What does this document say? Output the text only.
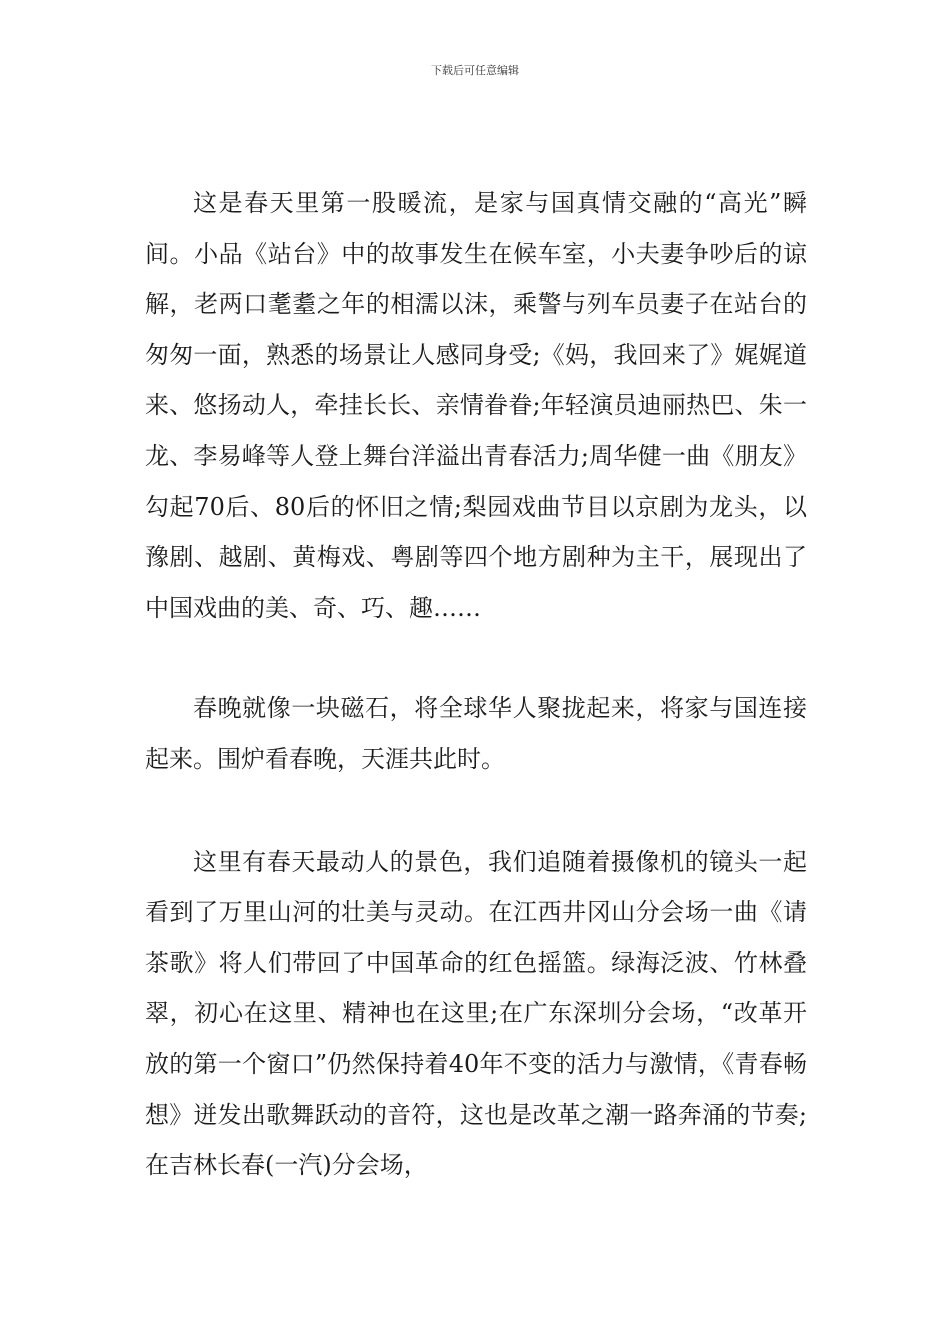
下载后可任意编辑

这是春天里第一股暖流，是家与国真情交融的“高光”瞬间。小品《站台》中的故事发生在候车室，小夫妻争吵后的谅解，老两口耄耋之年的相濡以沫，乘警与列车员妻子在站台的匆匆一面，熟悉的场景让人感同身受;《妈，我回来了》娓娓道来、悠扬动人，牵挂长长、亲情眷眷;年轻演员迪丽热巴、朱一龙、李易峰等人登上舞台洋溢出青春活力;周华健一曲《朋友》勾起70后、80后的怀旧之情;梨园戏曲节目以京剧为龙头，以豫剧、越剧、黄梅戏、粤剧等四个地方剧种为主干，展现出了中国戏曲的美、奇、巧、趣……

春晚就像一块磁石，将全球华人聚拢起来，将家与国连接起来。围炉看春晚，天涯共此时。

这里有春天最动人的景色，我们追随着摄像机的镜头一起看到了万里山河的壮美与灵动。在江西井冈山分会场一曲《请茶歌》将人们带回了中国革命的红色摇篮。绿海泛波、竹林叠翠，初心在这里、精神也在这里;在广东深圳分会场，“改革开放的第一个窗口”仍然保持着40年不变的活力与激情，《青春畅想》迸发出歌舞跃动的音符，这也是改革之潮一路奔涌的节奏;在吉林长春(一汽)分会场，
